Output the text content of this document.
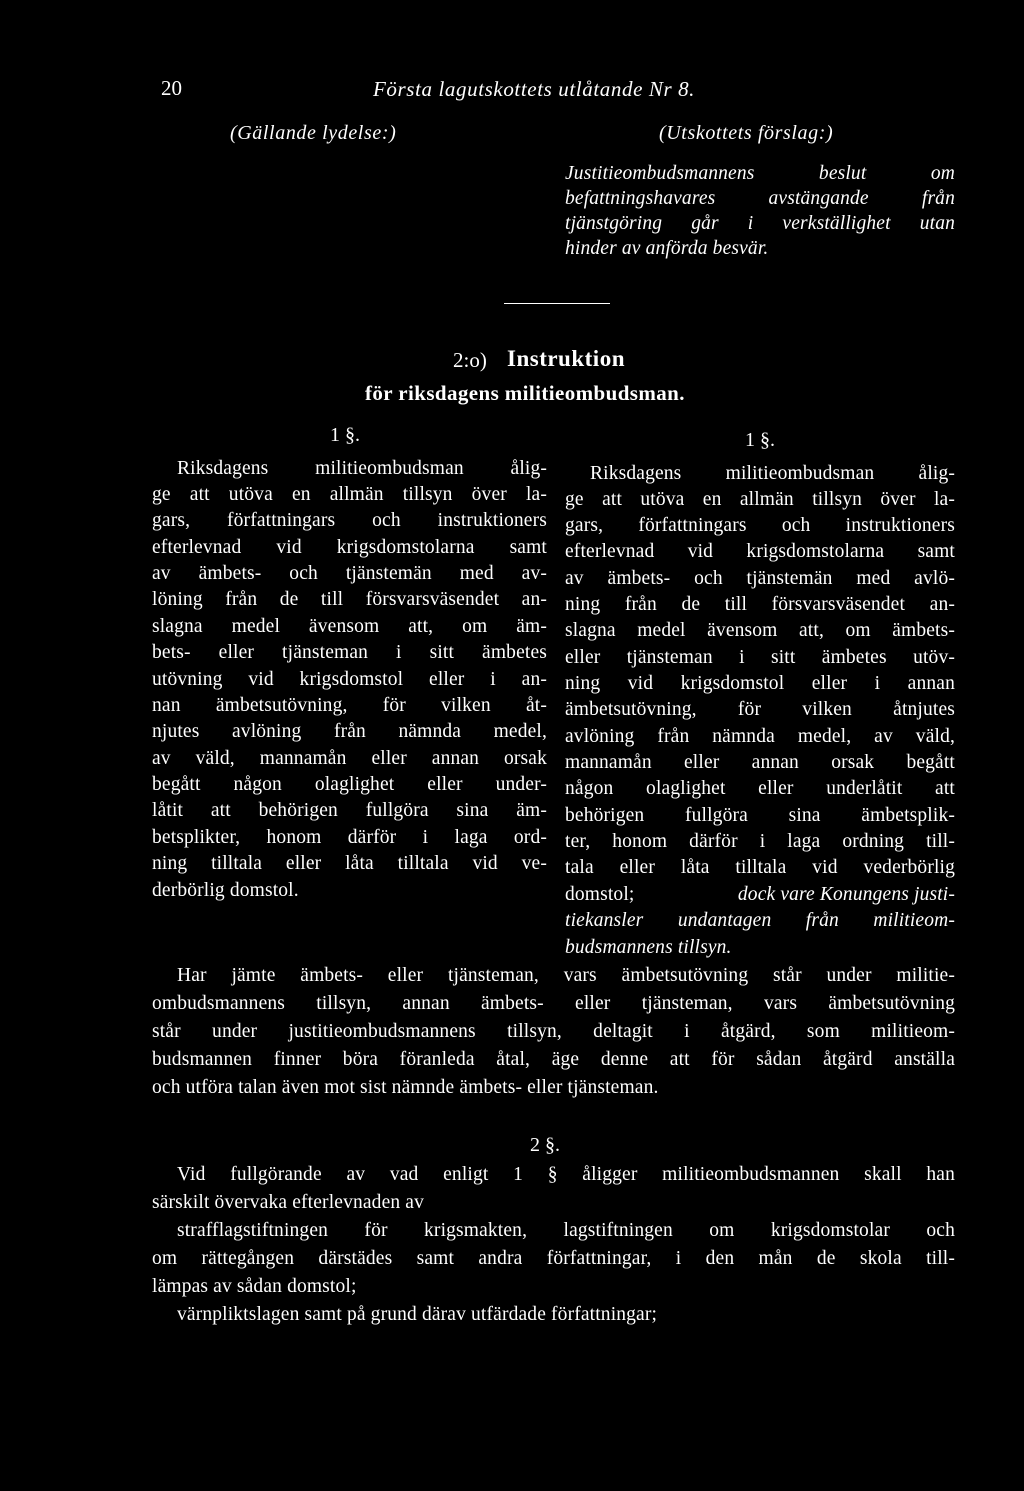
20	Första lagutskottets utlåtande Nr 8.
(Gällande lydelse:)	(Utskottets förslag:)
Justitieombudsmannens beslut om
befattningshavares avstängande från
tjänstgöring går i verkställighet utan
hinder av anförda besvär.
2:o) Instruktion
för riksdagens militieombudsman.
1 §.	1 §.
Riksdagens militieombudsman ålig-
ge att utöva en allmän tillsyn över la-
gars, författningars och instruktioners
efterlevnad vid krigsdomstolarna samt
av ämbets- och tjänstemän med av-
löning från de till försvarsväsendet an-
slagna medel ävensom att, om äm-
bets- eller tjänsteman i sitt ämbetes
utövning vid krigsdomstol eller i an-
nan ämbetsutövning, för vilken åt-
njutes avlöning från nämnda medel,
av väld, mannamån eller annan orsak
begått någon olaglighet eller under-
låtit att behörigen fullgöra sina äm-
betsplikter, honom därför i laga ord-
ning tilltala eller låta tilltala vid ve-
derbörlig domstol.
Riksdagens militieombudsman ålig-
ge att utöva en allmän tillsyn över la-
gars, författningars och instruktioners
efterlevnad vid krigsdomstolarna samt
av ämbets- och tjänstemän med avlö-
ning från de till försvarsväsendet an-
slagna medel ävensom att, om ämbets-
eller tjänsteman i sitt ämbetes utöv-
ning vid krigsdomstol eller i annan
ämbetsutövning, för vilken åtnjutes
avlöning från nämnda medel, av väld,
mannamån eller annan orsak begått
någon olaglighet eller underlåtit att
behörigen fullgöra sina ämbetsplik-
ter, honom därför i laga ordning till-
tala eller låta tilltala vid vederbörlig
domstol;	dock vare Konungens justi-
tiekansler undantagen från militieom-
budsmannens tillsyn.
Har jämte ämbets- eller tjänsteman, vars ämbetsutövning står under militie-
ombudsmannens tillsyn, annan ämbets- eller tjänsteman, vars ämbetsutövning
står under justitieombudsmannens tillsyn, deltagit i åtgärd, som militieom-
budsmannen finner böra föranleda åtal, äge denne att för sådan åtgärd anställa
och utföra talan även mot sist nämnde ämbets- eller tjänsteman.
2 §.
Vid fullgörande av vad enligt 1 § åligger militieombudsmannen skall han
särskilt övervaka efterlevnaden av
strafflagstiftningen för krigsmakten, lagstiftningen om krigsdomstolar och
om rättegången därstädes samt andra författningar, i den mån de skola till-
lämpas av sådan domstol;
värnpliktslagen samt på grund därav utfärdade författningar;
